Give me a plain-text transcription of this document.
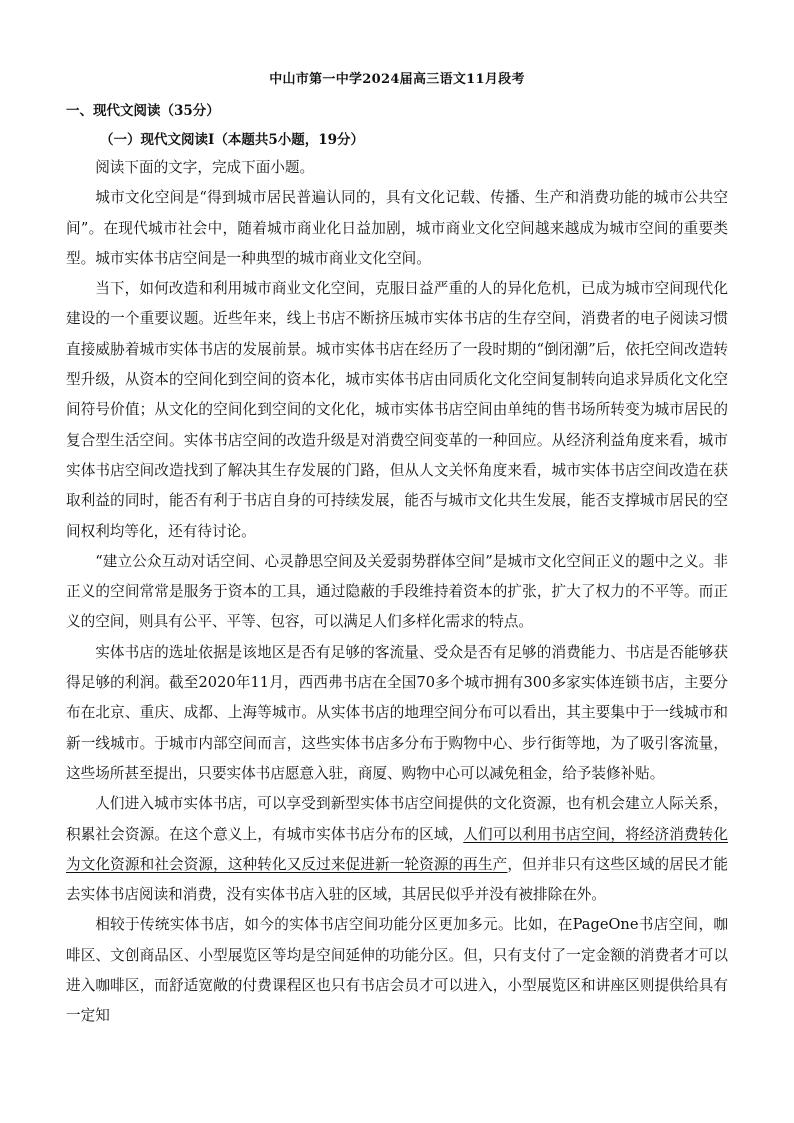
中山市第一中学2024届高三语文11月段考
一、现代文阅读（35分）
（一）现代文阅读Ⅰ（本题共5小题，19分）

阅读下面的文字，完成下面小题。

城市文化空间是“得到城市居民普遍认同的，具有文化记载、传播、生产和消费功能的城市公共空间”。在现代城市社会中，随着城市商业化日益加剧，城市商业文化空间越来越成为城市空间的重要类型。城市实体书店空间是一种典型的城市商业文化空间。

当下，如何改造和利用城市商业文化空间，克服日益严重的人的异化危机，已成为城市空间现代化建设的一个重要议题。近些年来，线上书店不断挤压城市实体书店的生存空间，消费者的电子阅读习惯直接威胁着城市实体书店的发展前景。城市实体书店在经历了一段时期的“倒闭潮”后，依托空间改造转型升级，从资本的空间化到空间的资本化，城市实体书店由同质化文化空间复制转向追求异质化文化空间符号价值；从文化的空间化到空间的文化化，城市实体书店空间由单纯的售书场所转变为城市居民的复合型生活空间。实体书店空间的改造升级是对消费空间变革的一种回应。从经济利益角度来看，城市实体书店空间改造找到了解决其生存发展的门路，但从人文关怀角度来看，城市实体书店空间改造在获取利益的同时，能否有利于书店自身的可持续发展，能否与城市文化共生发展，能否支撑城市居民的空间权利均等化，还有待讨论。

“建立公众互动对话空间、心灵静思空间及关爱弱势群体空间”是城市文化空间正义的题中之义。非正义的空间常常是服务于资本的工具，通过隐蔽的手段维持着资本的扩张，扩大了权力的不平等。而正义的空间，则具有公平、平等、包容，可以满足人们多样化需求的特点。

实体书店的选址依据是该地区是否有足够的客流量、受众是否有足够的消费能力、书店是否能够获得足够的利润。截至2020年11月，西西弗书店在全国70多个城市拥有300多家实体连锁书店，主要分布在北京、重庆、成都、上海等城市。从实体书店的地理空间分布可以看出，其主要集中于一线城市和新一线城市。于城市内部空间而言，这些实体书店多分布于购物中心、步行街等地，为了吸引客流量，这些场所甚至提出，只要实体书店愿意入驻，商厦、购物中心可以减免租金，给予装修补贴。

人们进入城市实体书店，可以享受到新型实体书店空间提供的文化资源，也有机会建立人际关系，积累社会资源。在这个意义上，有城市实体书店分布的区域，人们可以利用书店空间，将经济消费转化为文化资源和社会资源，这种转化又反过来促进新一轮资源的再生产，但并非只有这些区域的居民才能去实体书店阅读和消费，没有实体书店入驻的区域，其居民似乎并没有被排除在外。

相较于传统实体书店，如今的实体书店空间功能分区更加多元。比如，在PageOne书店空间，咖啡区、文创商品区、小型展览区等均是空间延伸的功能分区。但，只有支付了一定金额的消费者才可以进入咖啡区，而舒适宽敞的付费课程区也只有书店会员才可以进入，小型展览区和讲座区则提供给具有一定知
